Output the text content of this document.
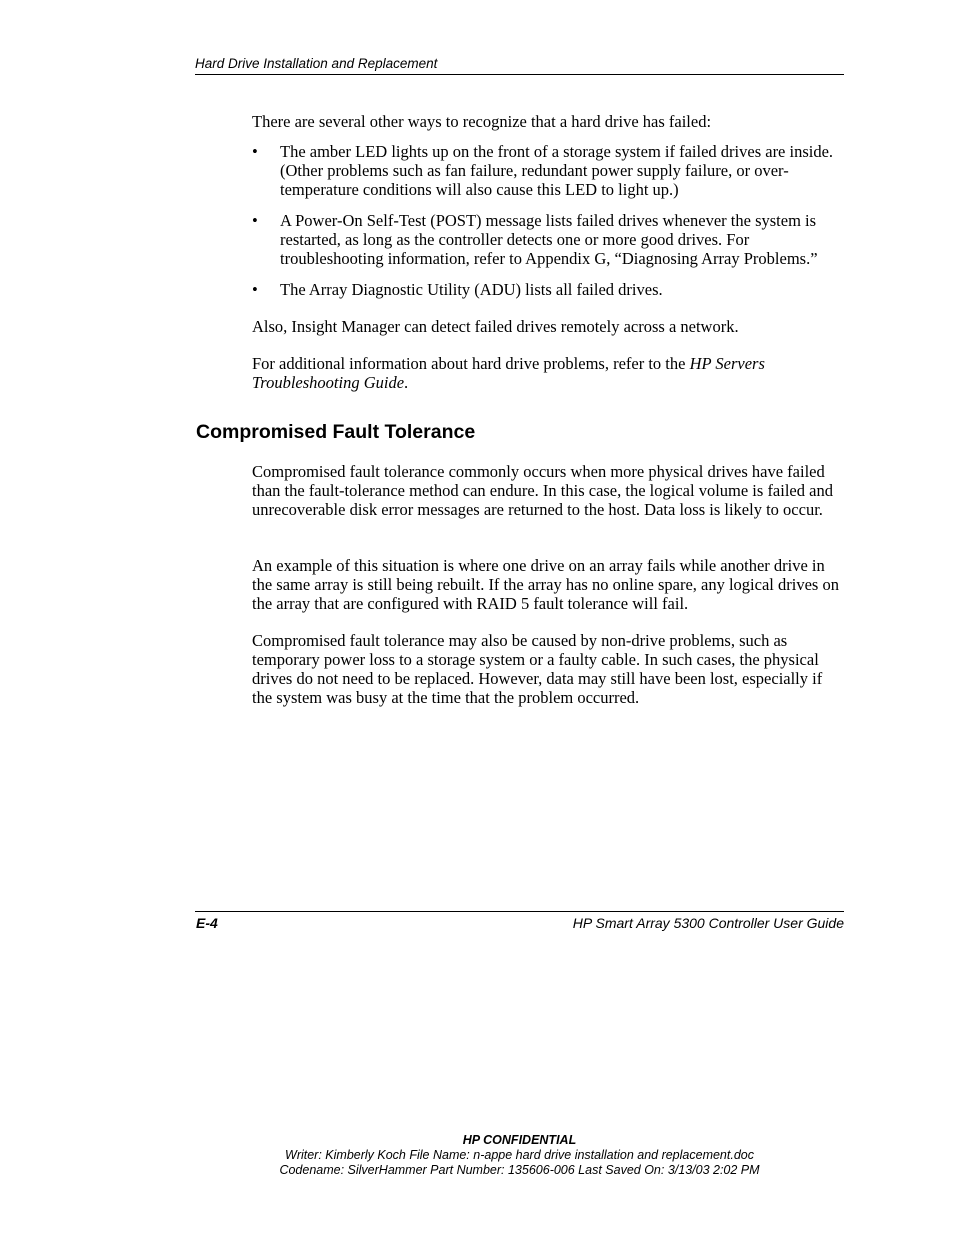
Hard Drive Installation and Replacement
There are several other ways to recognize that a hard drive has failed:
• The amber LED lights up on the front of a storage system if failed drives are inside. (Other problems such as fan failure, redundant power supply failure, or over-temperature conditions will also cause this LED to light up.)
• A Power-On Self-Test (POST) message lists failed drives whenever the system is restarted, as long as the controller detects one or more good drives. For troubleshooting information, refer to Appendix G, “Diagnosing Array Problems.”
• The Array Diagnostic Utility (ADU) lists all failed drives.
Also, Insight Manager can detect failed drives remotely across a network.
For additional information about hard drive problems, refer to the HP Servers Troubleshooting Guide.
Compromised Fault Tolerance
Compromised fault tolerance commonly occurs when more physical drives have failed than the fault-tolerance method can endure. In this case, the logical volume is failed and unrecoverable disk error messages are returned to the host. Data loss is likely to occur.
An example of this situation is where one drive on an array fails while another drive in the same array is still being rebuilt. If the array has no online spare, any logical drives on the array that are configured with RAID 5 fault tolerance will fail.
Compromised fault tolerance may also be caused by non-drive problems, such as temporary power loss to a storage system or a faulty cable. In such cases, the physical drives do not need to be replaced. However, data may still have been lost, especially if the system was busy at the time that the problem occurred.
E-4	HP Smart Array 5300 Controller User Guide
HP CONFIDENTIAL
Writer: Kimberly Koch File Name: n-appe hard drive installation and replacement.doc
Codename: SilverHammer Part Number: 135606-006 Last Saved On: 3/13/03 2:02 PM
